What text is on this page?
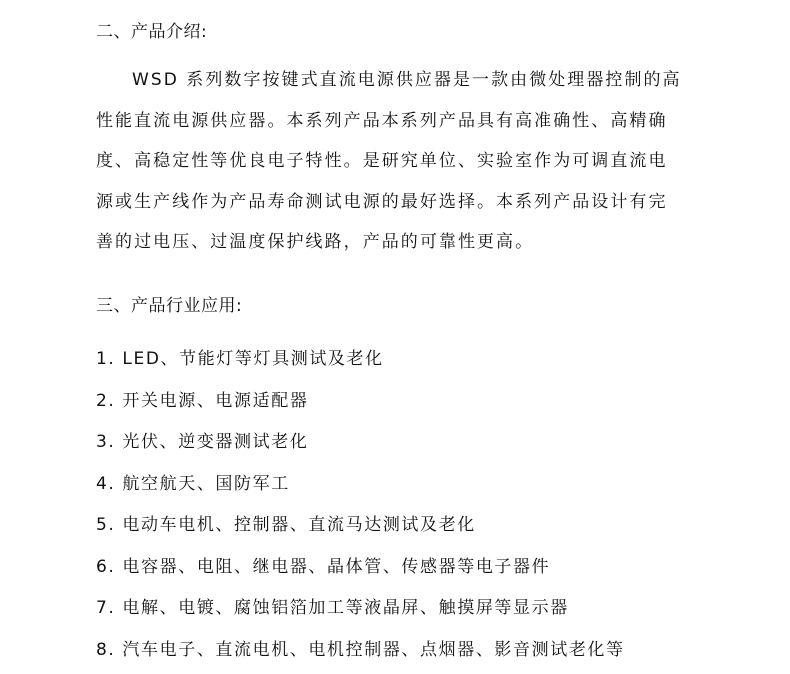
二、产品介绍:
WSD 系列数字按键式直流电源供应器是一款由微处理器控制的高
性能直流电源供应器。本系列产品本系列产品具有高准确性、高精确
度、高稳定性等优良电子特性。是研究单位、实验室作为可调直流电
源或生产线作为产品寿命测试电源的最好选择。本系列产品设计有完
善的过电压、过温度保护线路，产品的可靠性更高。
三、产品行业应用:
1. LED、节能灯等灯具测试及老化
2. 开关电源、电源适配器
3. 光伏、逆变器测试老化
4. 航空航天、国防军工
5. 电动车电机、控制器、直流马达测试及老化
6. 电容器、电阻、继电器、晶体管、传感器等电子器件
7. 电解、电镀、腐蚀铝箔加工等液晶屏、触摸屏等显示器
8. 汽车电子、直流电机、电机控制器、点烟器、影音测试老化等
